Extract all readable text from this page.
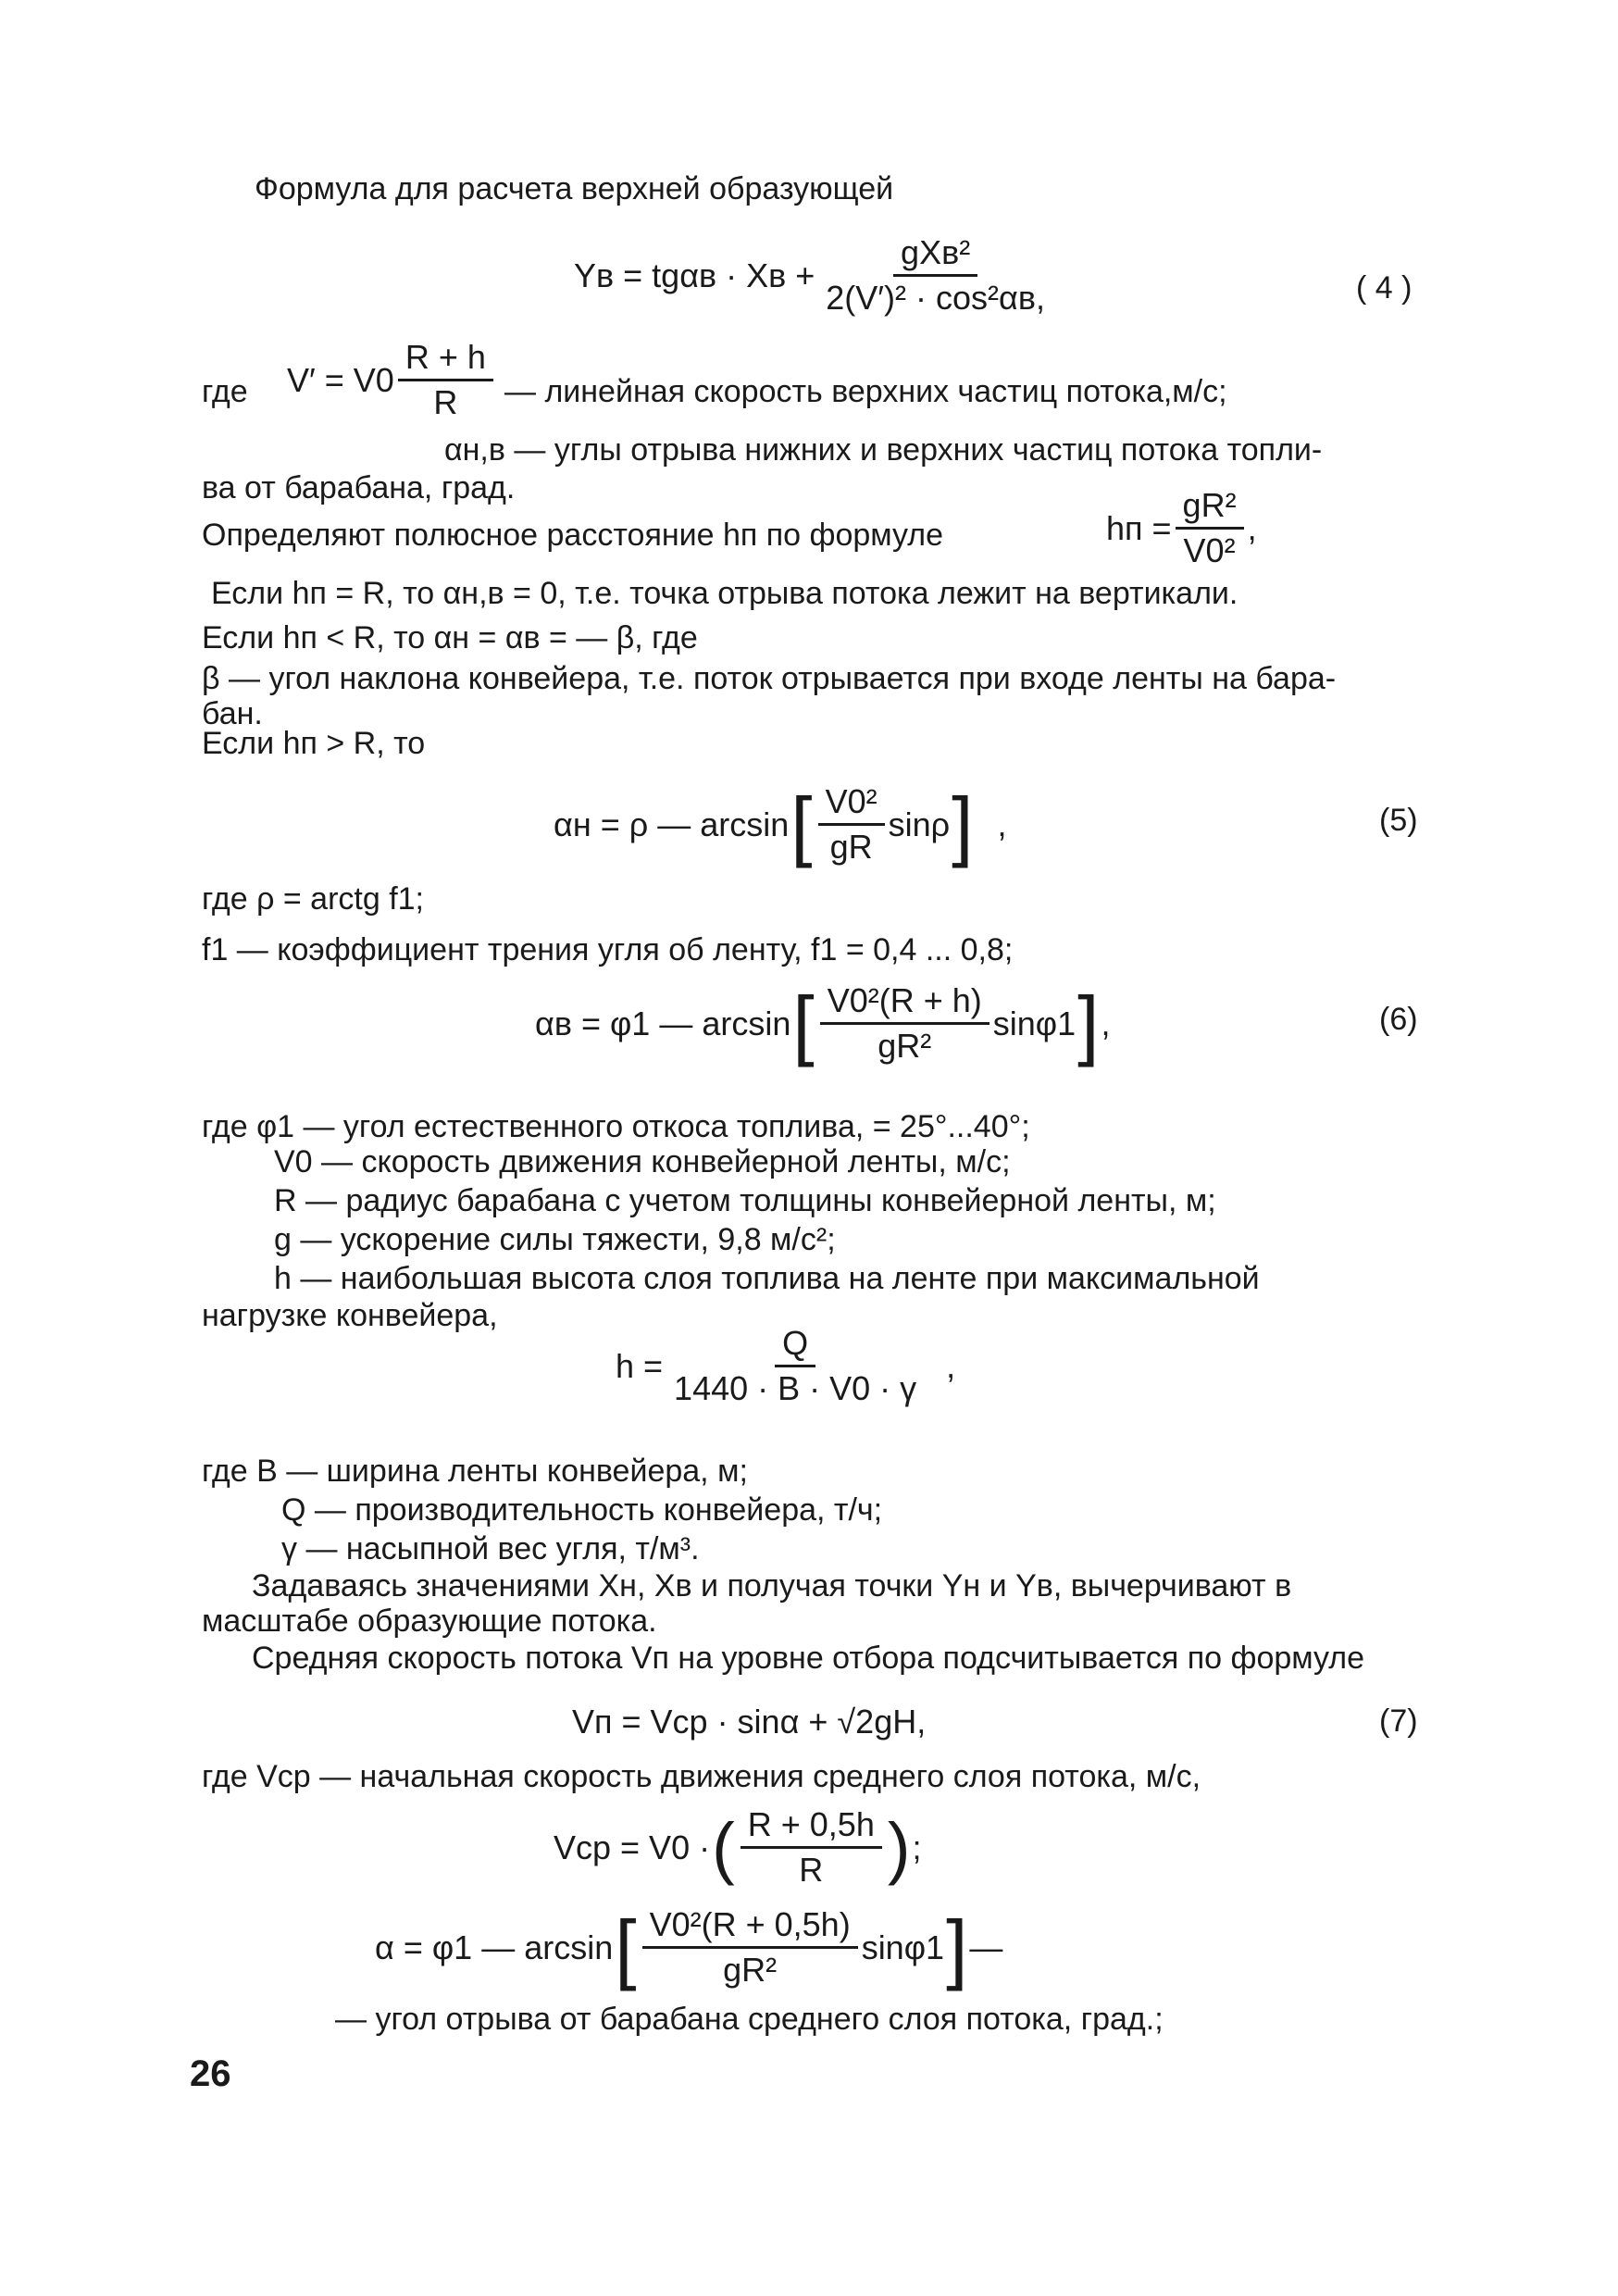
Формула для расчета верхней образующей
Yв = tgαв · Xв + $\frac{\text{gXв²}}{\text{2(V′)² · cos²αв,}}$	( 4 )
где $V' = V0 \frac{R + h}{R}$ — линейная скорость верхних частиц потока,м/с;
αн,в — углы отрыва нижних и верхних частиц потока топли-
ва от барабана, град.
Определяют полюсное расстояние hп по формуле	hп = $\frac{\text{gR²}}{\text{V0²}}$ ,
Если hп = R, то αн,в = 0, т.е. точка отрыва потока лежит на вертикали.
Если hп < R, то αн = αв = — β, где
β — угол наклона конвейера, т.е. поток отрывается при входе ленты на бара-
бан.
Если hп > R, то
αн = ρ — arcsin [ $\frac{\text{V0²}}{gR}$ sinρ ] ,	(5)
где ρ = arctg f1;
f1 — коэффициент трения угля об ленту, f1 = 0,4 ... 0,8;
αв = φ1 — arcsin [ $\frac{\text{V0²(R + h)}}{\text{gR²}} \sin\varphi 1$ ] ,	(6)
где φ1 — угол естественного откоса топлива, = 25°...40°;
V0 — скорость движения конвейерной ленты, м/с;
R — радиус барабана с учетом толщины конвейерной ленты, м;
g — ускорение силы тяжести, 9,8 м/с²;
h — наибольшая высота слоя топлива на ленте при максимальной
нагрузке конвейера,
$h = \frac{Q}{1440 \cdot B \cdot V0 \cdot \gamma}$ ,
где B — ширина ленты конвейера, м;
Q — производительность конвейера, т/ч;
γ — насыпной вес угля, т/м³.
Задаваясь значениями Xн, Xв и получая точки Yн и Yв, вычерчивают в
масштабе образующие потока.
Средняя скорость потока Vп на уровне отбора подсчитывается по формуле
Vп = Vср · sinα + √2gH,	(7)
где Vср — начальная скорость движения среднего слоя потока, м/с,
Vср = V0 · ( $\frac{R + 0,5h}{R}$ ) ;
α = φ1 — arcsin [ $\frac{\text{V0²(R + 0,5h)}}{\text{gR²}} \sin\varphi 1$ ] —
— угол отрыва от барабана среднего слоя потока, град.;
26
